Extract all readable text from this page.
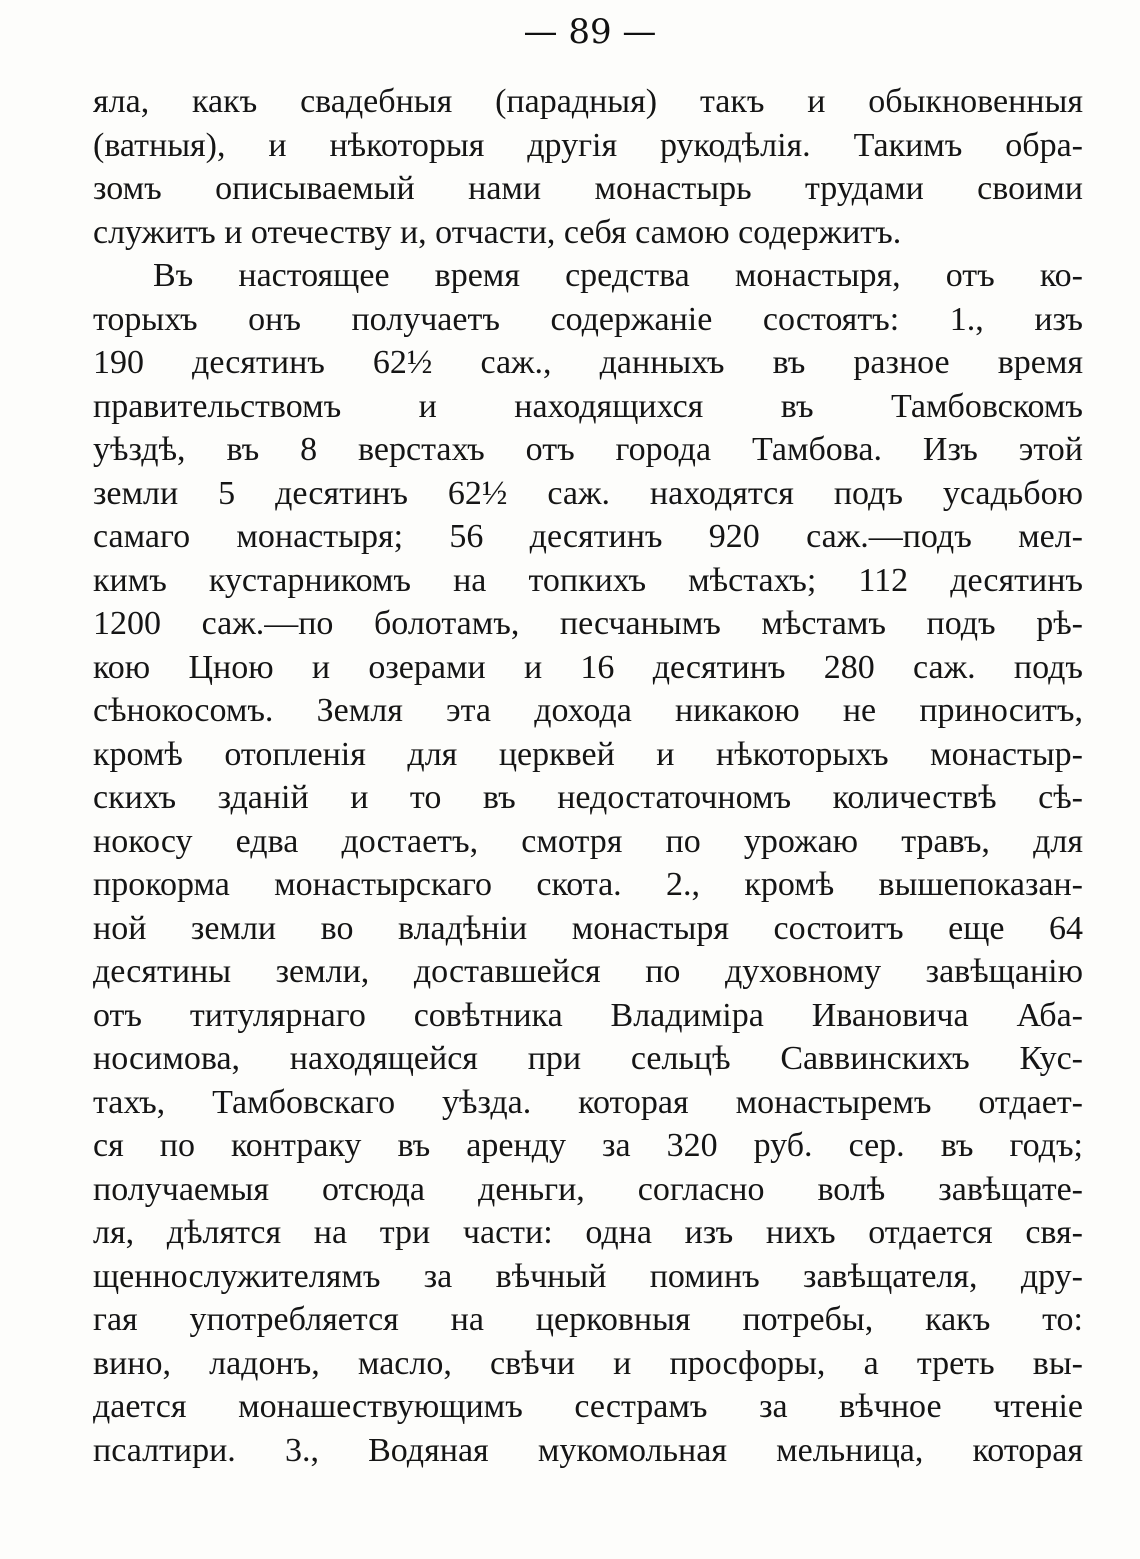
— 89 —
яла, какъ свадебныя (парадныя) такъ и обыкновенныя
(ватныя), и нѣкоторыя другія рукодѣлія. Такимъ обра-
зомъ описываемый нами монастырь трудами своими
служитъ и отечеству и, отчасти, себя самою содержитъ.
Въ настоящее время средства монастыря, отъ ко-
торыхъ онъ получаетъ содержаніе состоятъ: 1., изъ
190 десятинъ 62½ саж., данныхъ въ разное время
правительствомъ и находящихся въ Тамбовскомъ
уѣздѣ, въ 8 верстахъ отъ города Тамбова. Изъ этой
земли 5 десятинъ 62½ саж. находятся подъ усадьбою
самаго монастыря; 56 десятинъ 920 саж.—подъ мел-
кимъ кустарникомъ на топкихъ мѣстахъ; 112 десятинъ
1200 саж.—по болотамъ, песчанымъ мѣстамъ подъ рѣ-
кою Цною и озерами и 16 десятинъ 280 саж. подъ
сѣнокосомъ. Земля эта дохода никакою не приноситъ,
кромѣ отопленія для церквей и нѣкоторыхъ монастыр-
скихъ зданій и то въ недостаточномъ количествѣ сѣ-
нокосу едва достаетъ, смотря по урожаю травъ, для
прокорма монастырскаго скота. 2., кромѣ вышепоказан-
ной земли во владѣніи монастыря состоитъ еще 64
десятины земли, доставшейся по духовному завѣщанію
отъ титулярнаго совѣтника Владиміра Ивановича Аба-
носимова, находящейся при сельцѣ Саввинскихъ Кус-
тахъ, Тамбовскаго уѣзда. которая монастыремъ отдает-
ся по контраку въ аренду за 320 руб. сер. въ годъ;
получаемыя отсюда деньги, согласно волѣ завѣщате-
ля, дѣлятся на три части: одна изъ нихъ отдается свя-
щеннослужителямъ за вѣчный поминъ завѣщателя, дру-
гая употребляется на церковныя потребы, какъ то:
вино, ладонъ, масло, свѣчи и просфоры, а треть вы-
дается монашествующимъ сестрамъ за вѣчное чтеніе
псалтири. 3., Водяная мукомольная мельница, которая
